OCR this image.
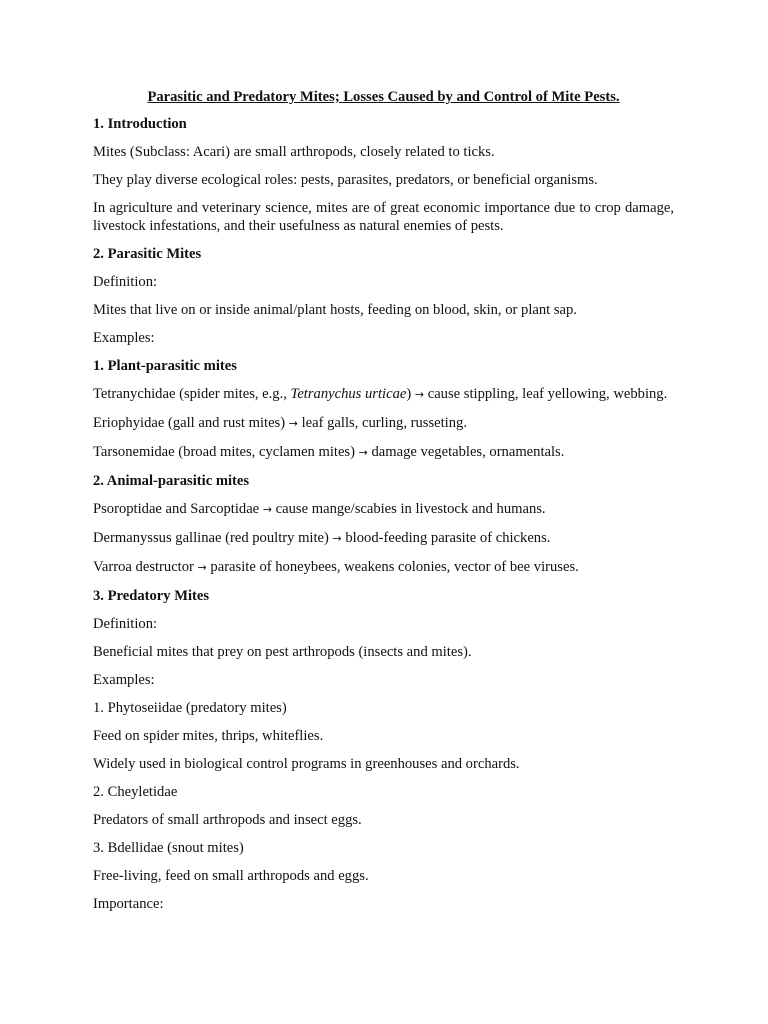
Parasitic and Predatory Mites; Losses Caused by and Control of Mite Pests.

1. Introduction

Mites (Subclass: Acari) are small arthropods, closely related to ticks.

They play diverse ecological roles: pests, parasites, predators, or beneficial organisms.

In agriculture and veterinary science, mites are of great economic importance due to crop damage, livestock infestations, and their usefulness as natural enemies of pests.

2. Parasitic Mites

Definition:

Mites that live on or inside animal/plant hosts, feeding on blood, skin, or plant sap.

Examples:

1. Plant-parasitic mites

Tetranychidae (spider mites, e.g., Tetranychus urticae) → cause stippling, leaf yellowing, webbing.

Eriophyidae (gall and rust mites) → leaf galls, curling, russeting.

Tarsonemidae (broad mites, cyclamen mites) → damage vegetables, ornamentals.

2. Animal-parasitic mites

Psoroptidae and Sarcoptidae → cause mange/scabies in livestock and humans.

Dermanyssus gallinae (red poultry mite) → blood-feeding parasite of chickens.

Varroa destructor → parasite of honeybees, weakens colonies, vector of bee viruses.

3. Predatory Mites

Definition:

Beneficial mites that prey on pest arthropods (insects and mites).

Examples:

1. Phytoseiidae (predatory mites)

Feed on spider mites, thrips, whiteflies.

Widely used in biological control programs in greenhouses and orchards.

2. Cheyletidae

Predators of small arthropods and insect eggs.

3. Bdellidae (snout mites)

Free-living, feed on small arthropods and eggs.

Importance:
